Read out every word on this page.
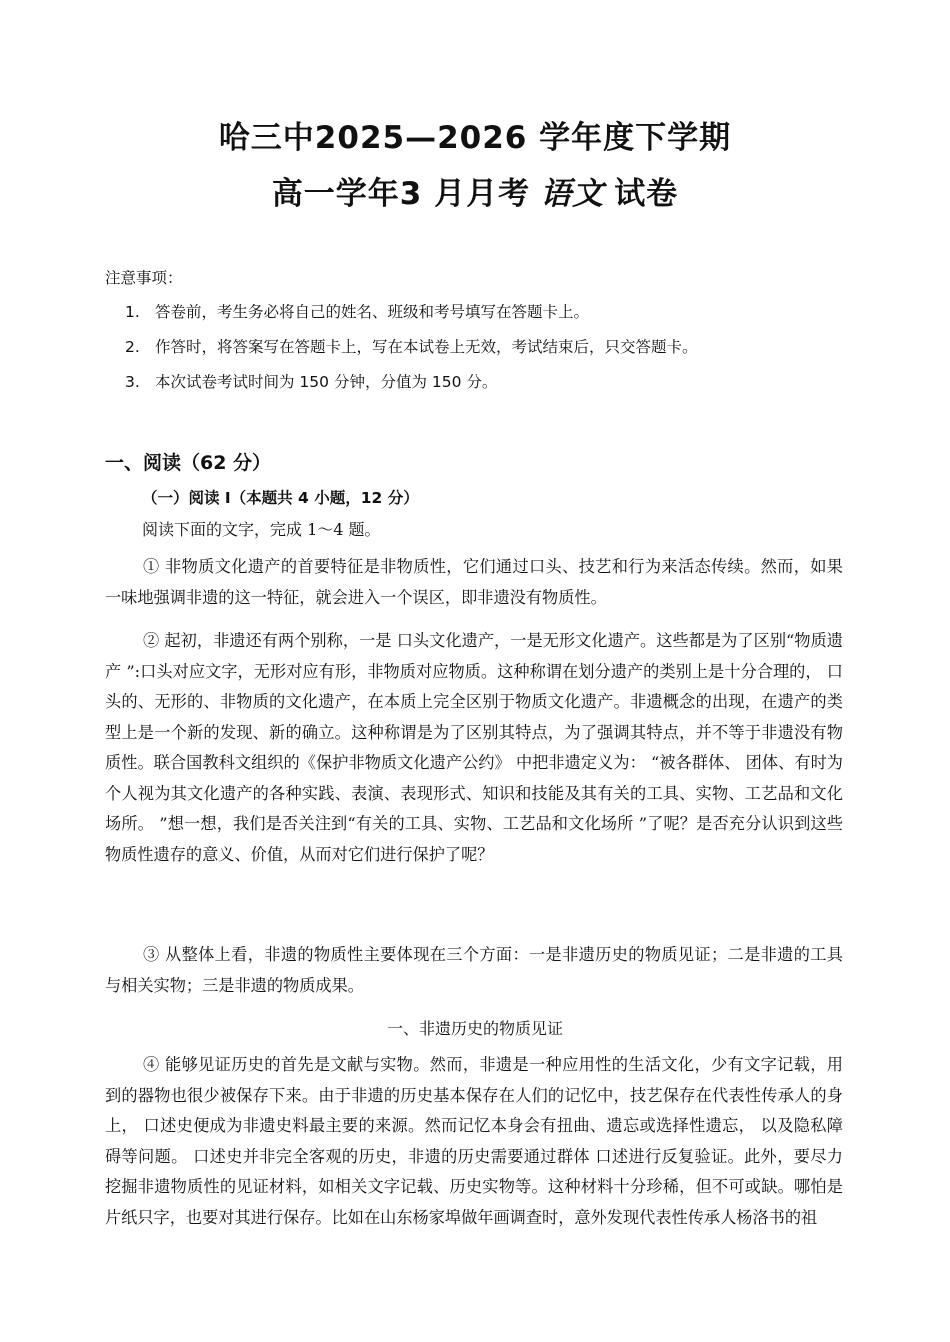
哈三中2025—2026 学年度下学期
高一学年3 月月考 语文 试卷
注意事项：
1. 答卷前，考生务必将自己的姓名、班级和考号填写在答题卡上。
2. 作答时，将答案写在答题卡上，写在本试卷上无效，考试结束后，只交答题卡。
3. 本次试卷考试时间为 150 分钟，分值为 150 分。
一、阅读（62 分）
（一）阅读 Ⅰ（本题共 4 小题，12 分）
阅读下面的文字，完成 1～4 题。
① 非物质文化遗产的首要特征是非物质性，它们通过口头、技艺和行为来活态传续。然而，如果一味地强调非遗的这一特征，就会进入一个误区，即非遗没有物质性。
② 起初，非遗还有两个别称，一是 口头文化遗产，一是无形文化遗产。这些都是为了区别“物质遗产 ”:口头对应文字，无形对应有形，非物质对应物质。这种称谓在划分遗产的类别上是十分合理的， 口头的、无形的、非物质的文化遗产，在本质上完全区别于物质文化遗产。非遗概念的出现，在遗产的类型上是一个新的发现、新的确立。这种称谓是为了区别其特点，为了强调其特点，并不等于非遗没有物质性。联合国教科文组织的《保护非物质文化遗产公约》 中把非遗定义为： “被各群体、 团体、有时为个人视为其文化遗产的各种实践、表演、表现形式、知识和技能及其有关的工具、实物、工艺品和文化场所。 ”想一想，我们是否关注到“有关的工具、实物、工艺品和文化场所 ”了呢？是否充分认识到这些物质性遗存的意义、价值，从而对它们进行保护了呢？
③ 从整体上看，非遗的物质性主要体现在三个方面：一是非遗历史的物质见证；二是非遗的工具与相关实物；三是非遗的物质成果。
一、非遗历史的物质见证
④ 能够见证历史的首先是文献与实物。然而，非遗是一种应用性的生活文化，少有文字记载，用到的器物也很少被保存下来。由于非遗的历史基本保存在人们的记忆中，技艺保存在代表性传承人的身上， 口述史便成为非遗史料最主要的来源。然而记忆本身会有扭曲、遗忘或选择性遗忘， 以及隐私障碍等问题。 口述史并非完全客观的历史，非遗的历史需要通过群体 口述进行反复验证。此外，要尽力挖掘非遗物质性的见证材料，如相关文字记载、历史实物等。这种材料十分珍稀，但不可或缺。哪怕是片纸只字，也要对其进行保存。比如在山东杨家埠做年画调查时，意外发现代表性传承人杨洛书的祖
